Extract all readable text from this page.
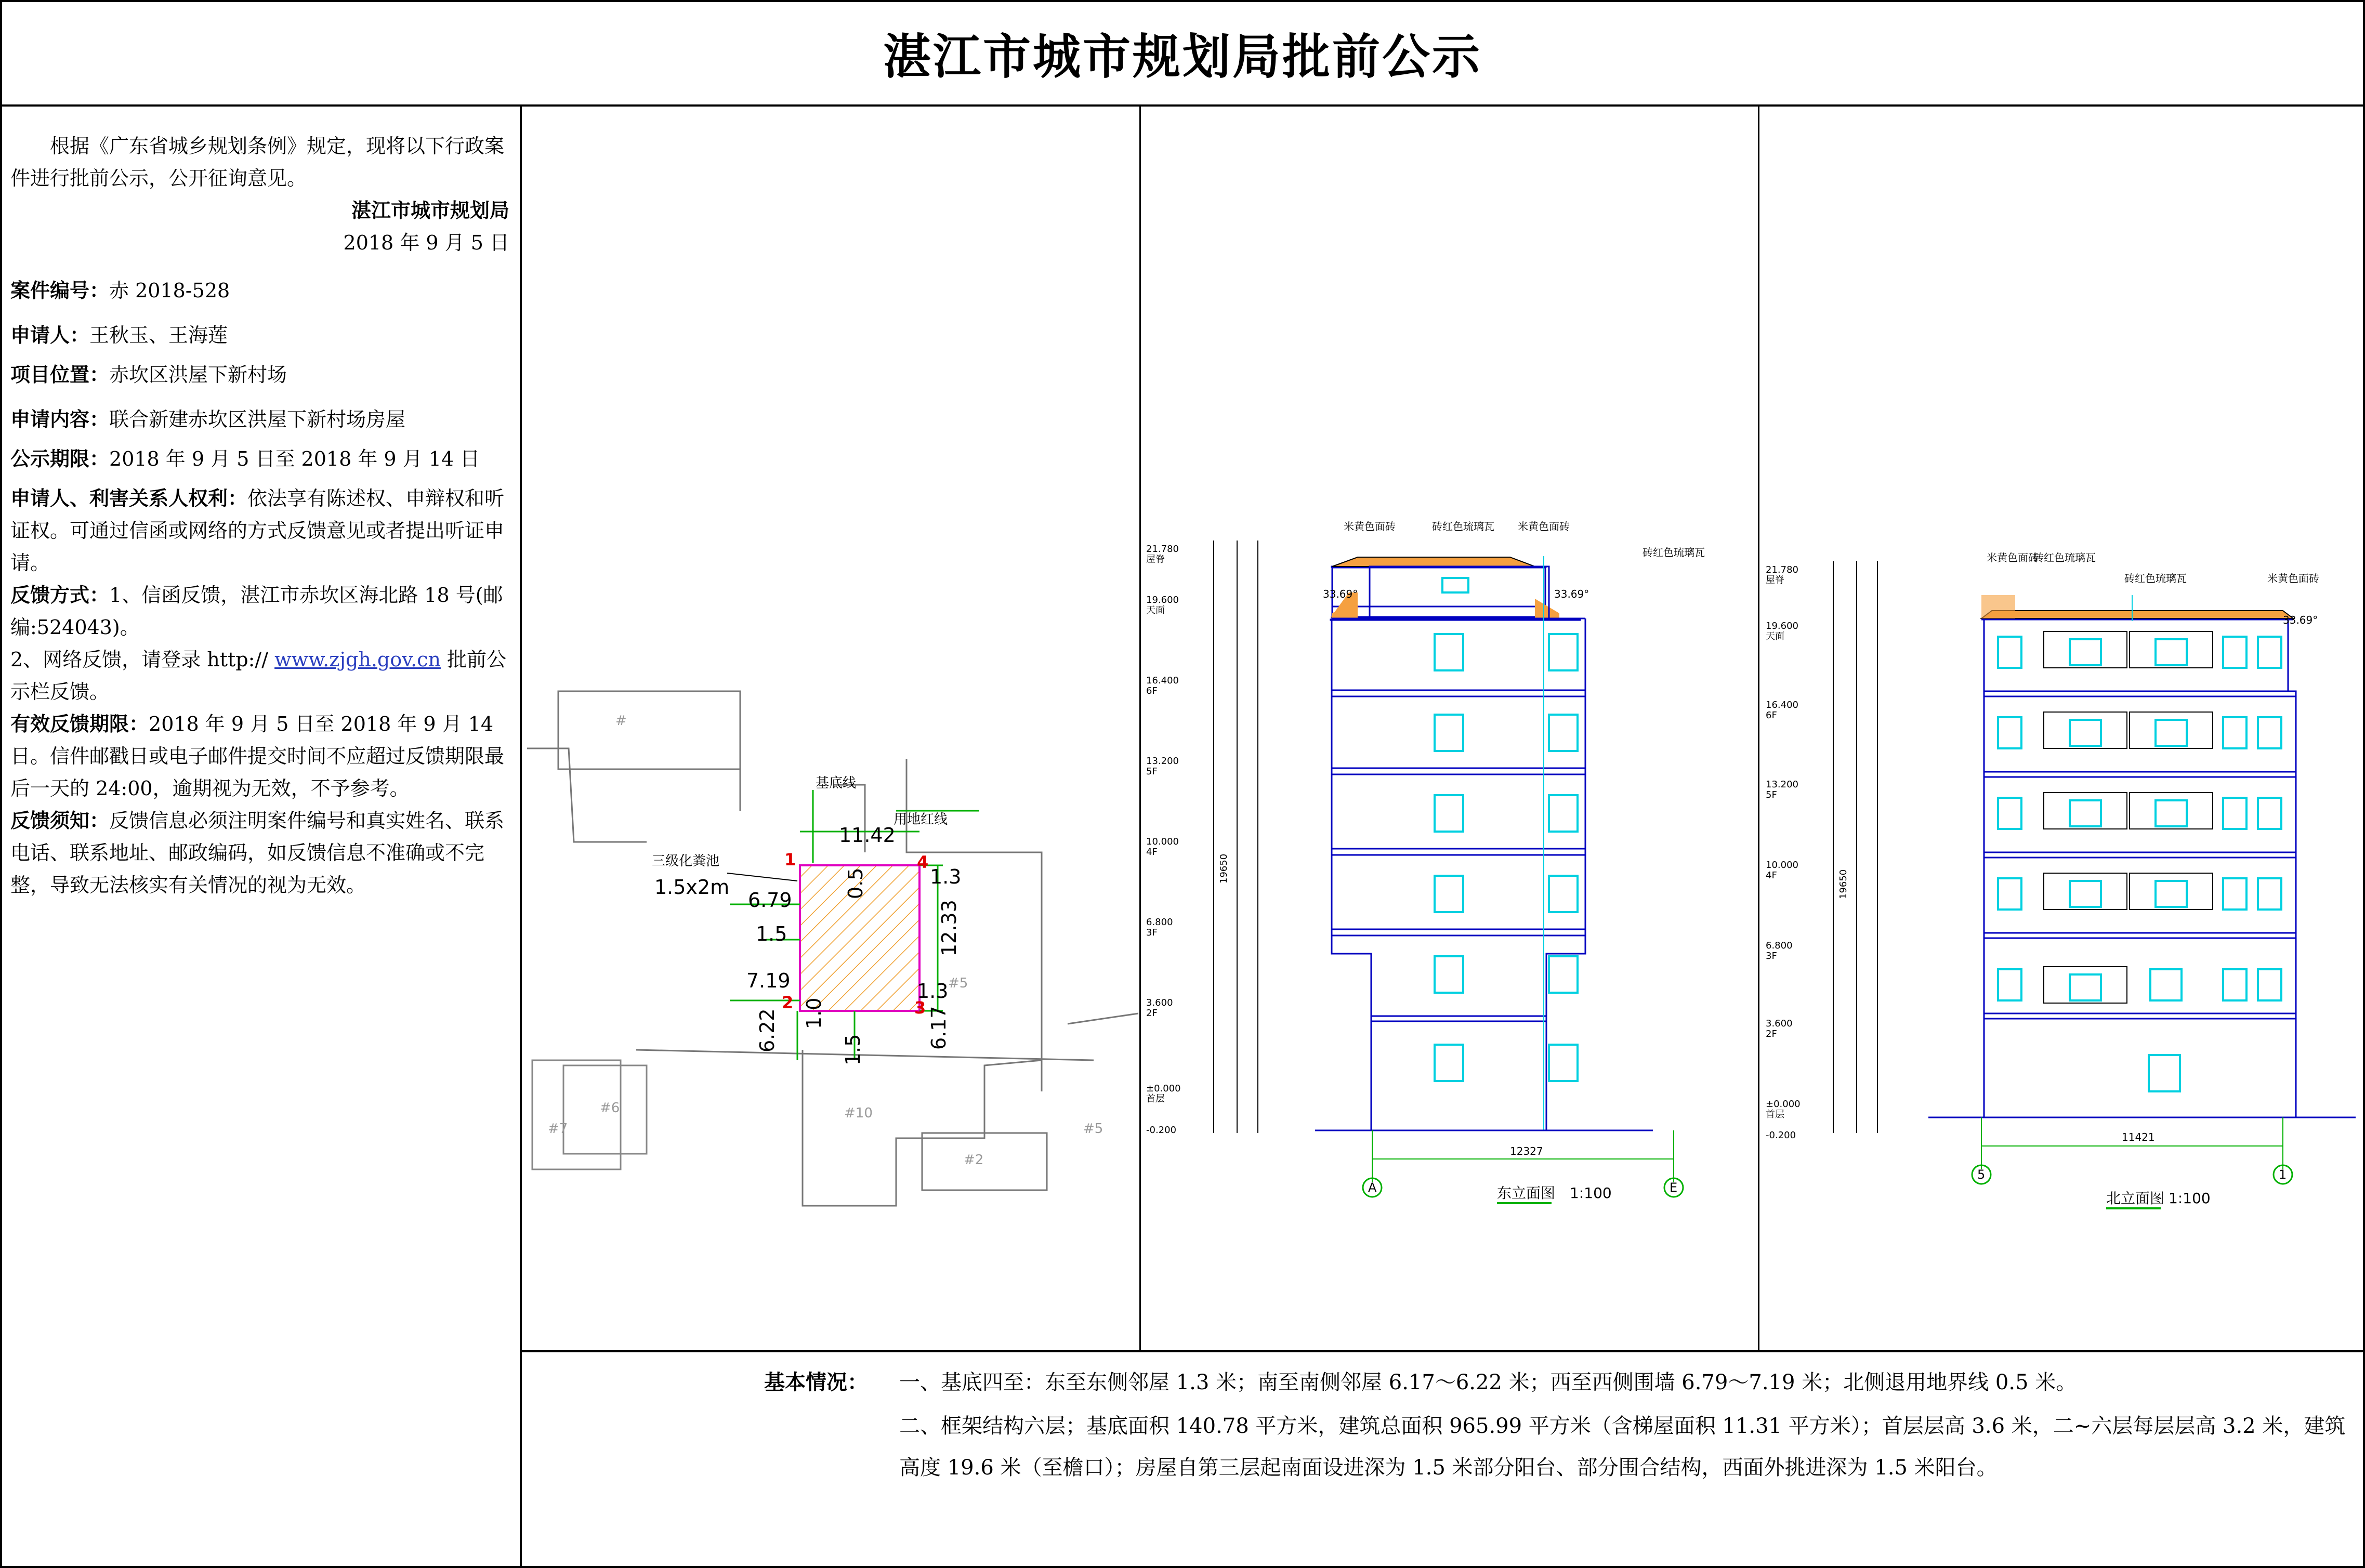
湛江市城市规划局批前公示

根据《广东省城乡规划条例》规定，现将以下行政案件进行批前公示，公开征询意见。

湛江市城市规划局

2018 年 9 月 5 日

案件编号：赤 2018-528

申请人：王秋玉、王海莲

项目位置：赤坎区洪屋下新村场

申请内容：联合新建赤坎区洪屋下新村场房屋

公示期限：2018 年 9 月 5 日至 2018 年 9 月 14 日

申请人、利害关系人权利：依法享有陈述权、申辩权和听证权。可通过信函或网络的方式反馈意见或者提出听证申请。

反馈方式：1、信函反馈，湛江市赤坎区海北路 18 号(邮编:524043)。

2、网络反馈，请登录 http:// www.zjgh.gov.cn 批前公示栏反馈。

有效反馈期限：2018 年 9 月 5 日至 2018 年 9 月 14 日。信件邮戳日或电子邮件提交时间不应超过反馈期限最后一天的 24:00，逾期视为无效，不予参考。

反馈须知：反馈信息必须注明案件编号和真实姓名、联系电话、联系地址、邮政编码，如反馈信息不准确或不完整，导致无法核实有关情况的视为无效。

#
#5
#6
#7
#10
#2
#5
基底线
用地红线
三级化粪池
1.5x2m
11.42
6.79
1.5
7.19
1.3
1.3
12.33
0.5
6.22	6.17
1.0
1.5
1
2	3
4
21.780
屋脊
19.600
天面
16.400
6F
13.200
5F
10.000
4F
6.800
3F
3.600
2F
±0.000
首层
-0.200
19650
12327
33.69°	33.69°
米黄色面砖	砖红色琉璃瓦 米黄色面砖
砖红色琉璃瓦
A	E
东立面图 1:100
21.780
屋脊
19.600
天面
16.400
6F
13.200
5F
10.000
4F
6.800
3F
3.600
2F
±0.000
首层
-0.200
19650
11421
33.69°
米黄色面砖
砖红色琉璃瓦
砖红色琉璃瓦	米黄色面砖
5	1
北立面图 1:100
基本情况： 一、基底四至：东至东侧邻屋 1.3 米；南至南侧邻屋 6.17～6.22 米；西至西侧围墙 6.79～7.19 米；北侧退用地界线 0.5 米。

二、框架结构六层；基底面积 140.78 平方米，建筑总面积 965.99 平方米（含梯屋面积 11.31 平方米）；首层层高 3.6 米，二~六层每层层高 3.2 米，建筑高度 19.6 米（至檐口）；房屋自第三层起南面设进深为 1.5 米部分阳台、部分围合结构，西面外挑进深为 1.5 米阳台。
